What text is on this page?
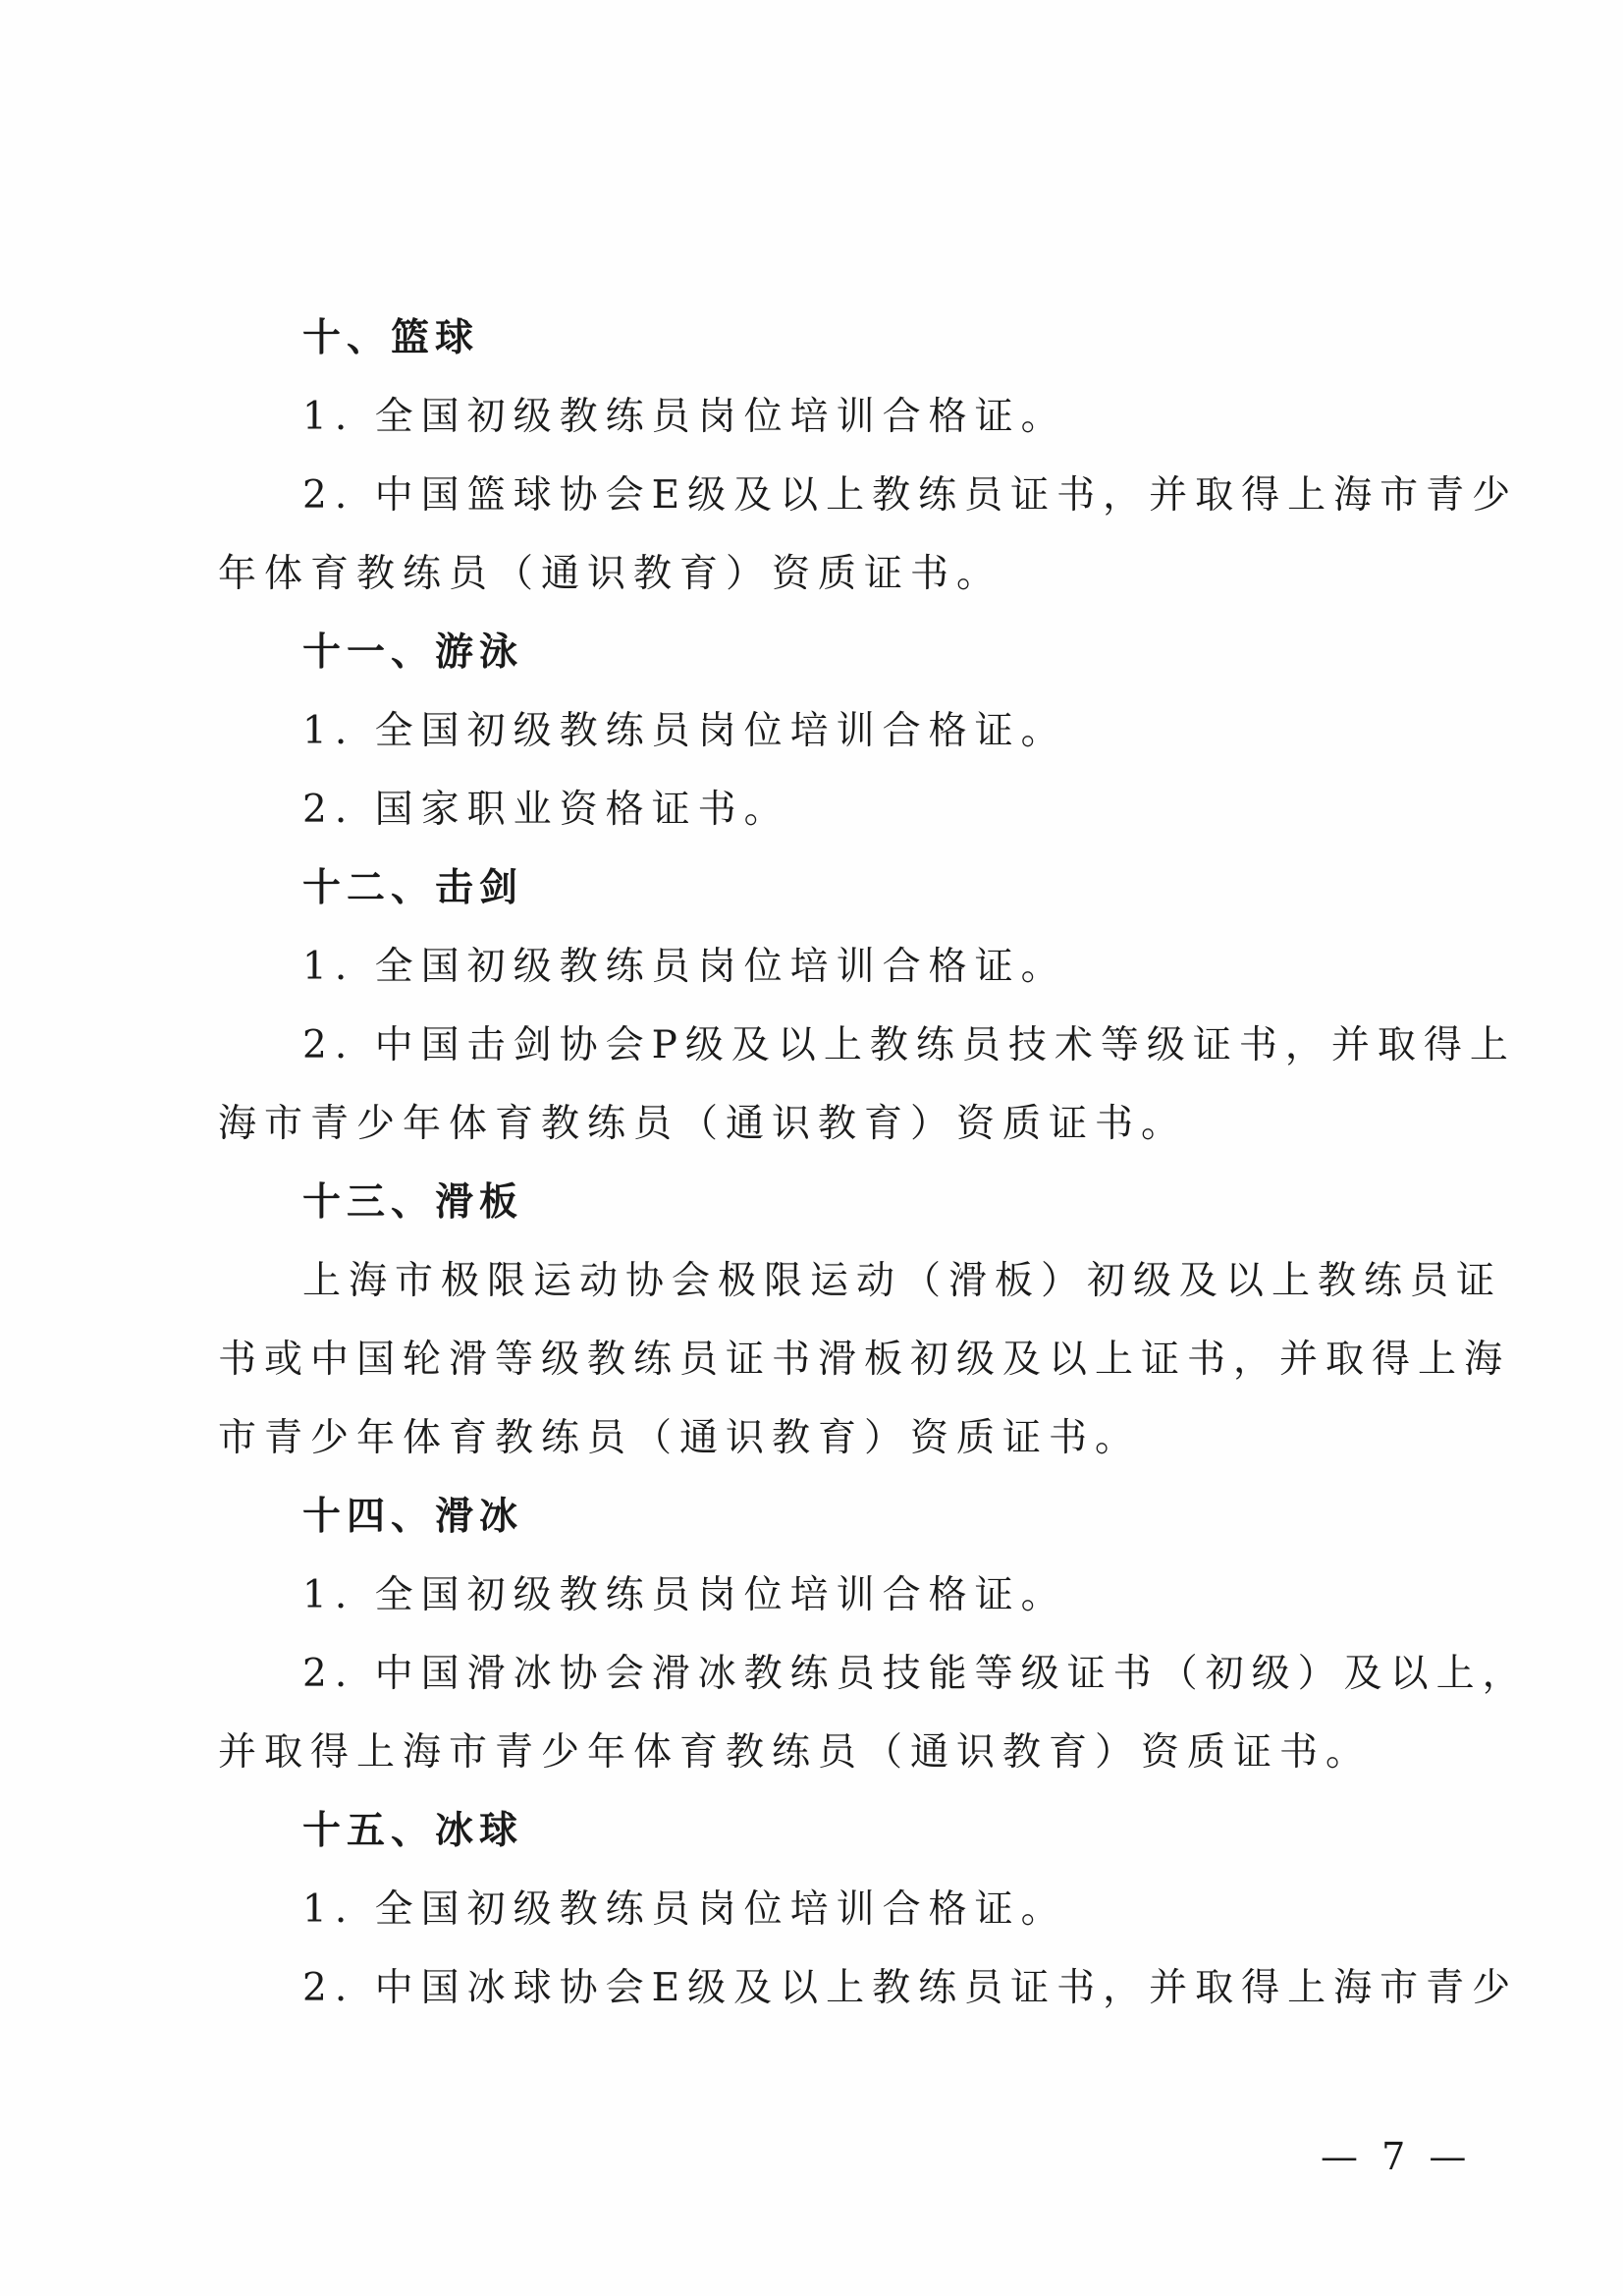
十、篮球

1. 全国初级教练员岗位培训合格证。

2. 中国篮球协会E级及以上教练员证书，并取得上海市青少

年体育教练员（通识教育）资质证书。

十一、游泳

1. 全国初级教练员岗位培训合格证。

2. 国家职业资格证书。

十二、击剑

1. 全国初级教练员岗位培训合格证。

2. 中国击剑协会P级及以上教练员技术等级证书，并取得上

海市青少年体育教练员（通识教育）资质证书。

十三、滑板

上海市极限运动协会极限运动（滑板）初级及以上教练员证

书或中国轮滑等级教练员证书滑板初级及以上证书，并取得上海

市青少年体育教练员（通识教育）资质证书。

十四、滑冰

1. 全国初级教练员岗位培训合格证。

2. 中国滑冰协会滑冰教练员技能等级证书（初级）及以上，

并取得上海市青少年体育教练员（通识教育）资质证书。

十五、冰球

1. 全国初级教练员岗位培训合格证。

2. 中国冰球协会E级及以上教练员证书，并取得上海市青少

— 7 —
